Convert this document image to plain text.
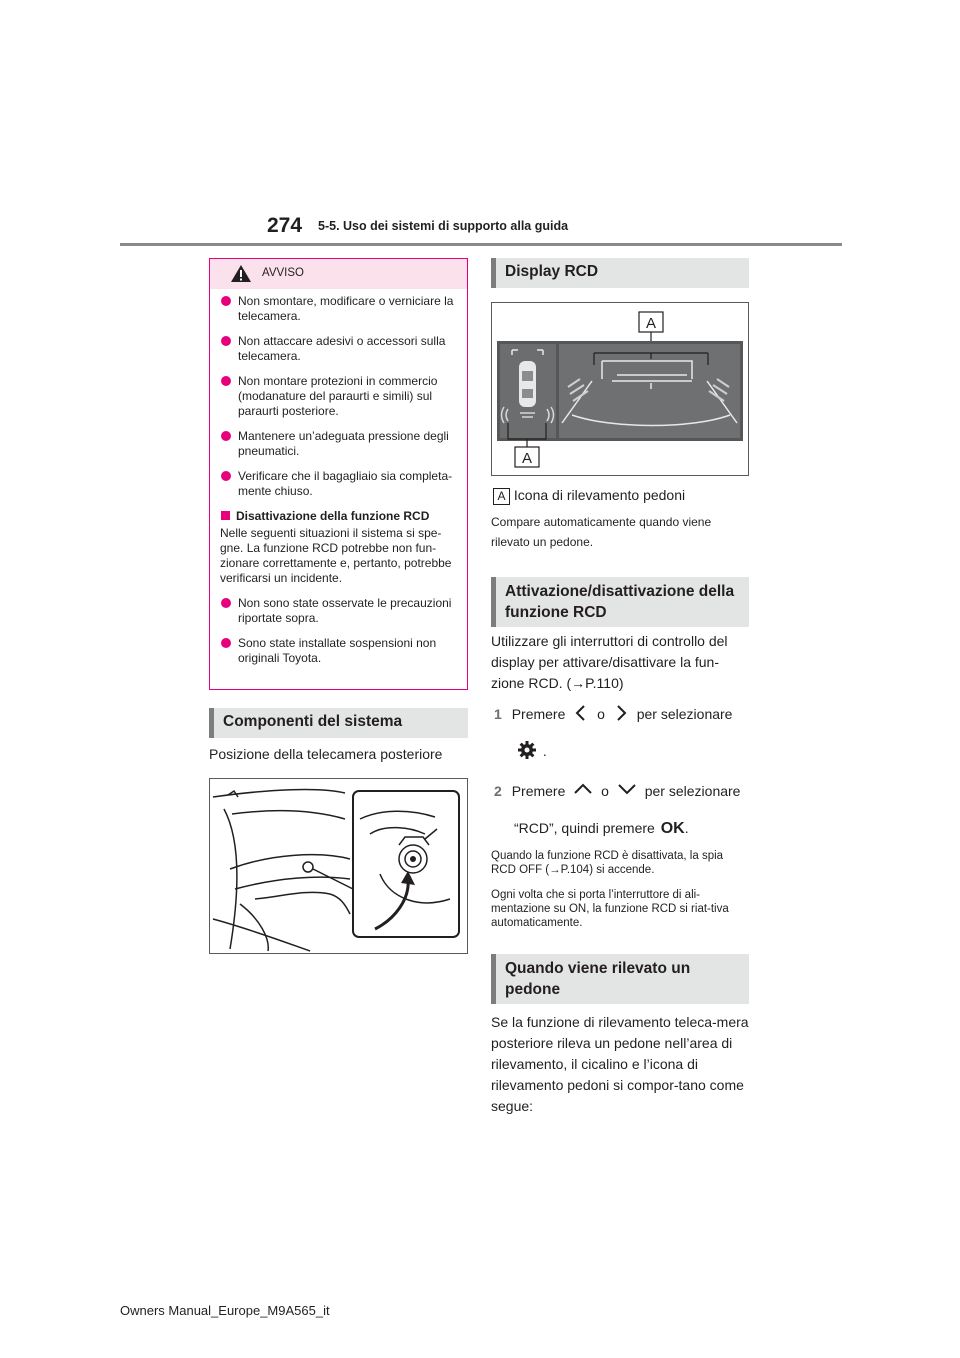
274 5-5. Uso dei sistemi di supporto alla guida
AVVISO
Non smontare, modificare o verniciare la telecamera.
Non attaccare adesivi o accessori sulla telecamera.
Non montare protezioni in commercio (modanature del paraurti e simili) sul paraurti posteriore.
Mantenere un’adeguata pressione degli pneumatici.
Verificare che il bagagliaio sia completa-mente chiuso.
Disattivazione della funzione RCD
Nelle seguenti situazioni il sistema si spe-gne. La funzione RCD potrebbe non fun-zionare correttamente e, pertanto, potrebbe verificarsi un incidente.
Non sono state osservate le precauzioni riportate sopra.
Sono state installate sospensioni non originali Toyota.
Componenti del sistema
Posizione della telecamera posteriore
Display RCD
A
A
A Icona di rilevamento pedoni
Compare automaticamente quando viene rilevato un pedone.
Attivazione/disattivazione della funzione RCD
Utilizzare gli interruttori di controllo del display per attivare/disattivare la fun-zione RCD. (→P.110)
1 Premere o per selezionare
.
2 Premere	o	per selezionare
“RCD”, quindi premere OK.
Quando la funzione RCD è disattivata, la spia RCD OFF (→P.104) si accende.
Ogni volta che si porta l’interruttore di ali-mentazione su ON, la funzione RCD si riat-tiva automaticamente.
Quando viene rilevato un pedone
Se la funzione di rilevamento teleca-mera posteriore rileva un pedone nell’area di rilevamento, il cicalino e l’icona di rilevamento pedoni si compor-tano come segue:
Owners Manual_Europe_M9A565_it
